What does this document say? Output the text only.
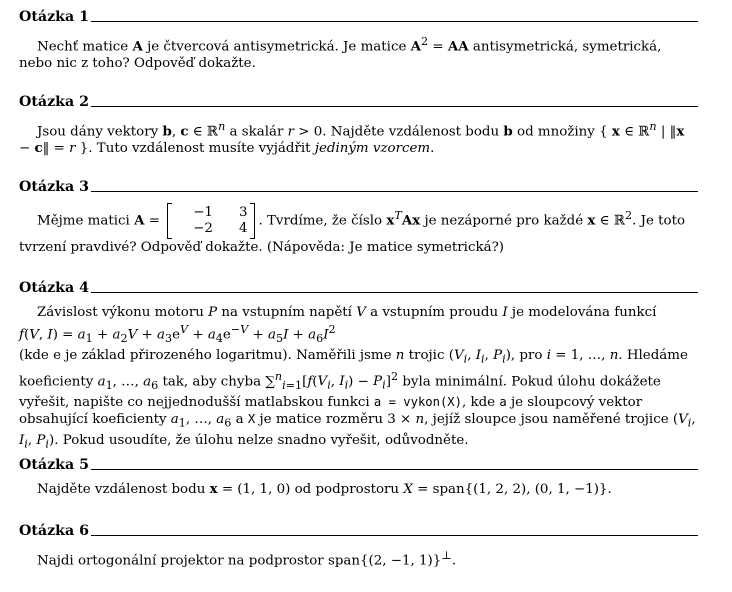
Otázka 1
Nechť matice A je čtvercová antisymetrická. Je matice $A^2$ = AA antisymetrická, symetrická, nebo nic z toho? Odpověď dokažte.
Otázka 2
Jsou dány vektory b, c ∈ ℝ$^n$ a skalár r > 0. Najděte vzdálenost bodu b od množiny { x ∈ ℝ$^n$ | ‖x − c‖ = r }. Tuto vzdálenost musíte vyjádřit jediným vzorcem.
Otázka 3
Mějme matici A =
−1	3
−2	4 . Tvrdíme, že číslo $x^TAx$ je nezáporné pro každé x ∈ ℝ$^2$. Je toto tvrzení pravdivé? Odpověď dokažte. (Nápověda: Je matice symetrická?)
Otázka 4
Závislost výkonu motoru P na vstupním napětí V a vstupním proudu I je modelována funkcí
f(V, $I) = a_1 + a_2V + a_3e^V + a_4e^{-V} + a_5I + a_6I^2$
(kde e je základ přirozeného logaritmu). Naměřili jsme n trojic ($V_i$, $I_i$, $P_i$), pro i = 1, …, n. Hledáme koeficienty $a_1$, …, $a_6$ tak, aby chyba $\sum^n_{i=1}[f(V_i$, $I_i) - P_i]^2$ byla minimální. Pokud úlohu dokážete vyřešit, napište co nejjednodušší matlabskou funkci a = vykon(X), kde a je sloupcový vektor obsahující koeficienty $a_1$, …, $a_6$ a X je matice rozměru 3 × n, jejíž sloupce jsou naměřené trojice ($V_i$, $I_i$, $P_i$). Pokud usoudíte, že úlohu nelze snadno vyřešit, odůvodněte.
Otázka 5
Najděte vzdálenost bodu x = (1, 1, 0) od podprostoru X = span{(1, 2, 2), (0, 1, −1)}.
Otázka 6
Najdi ortogonální projektor na podprostor span{(2, −1, 1)}⊥.
